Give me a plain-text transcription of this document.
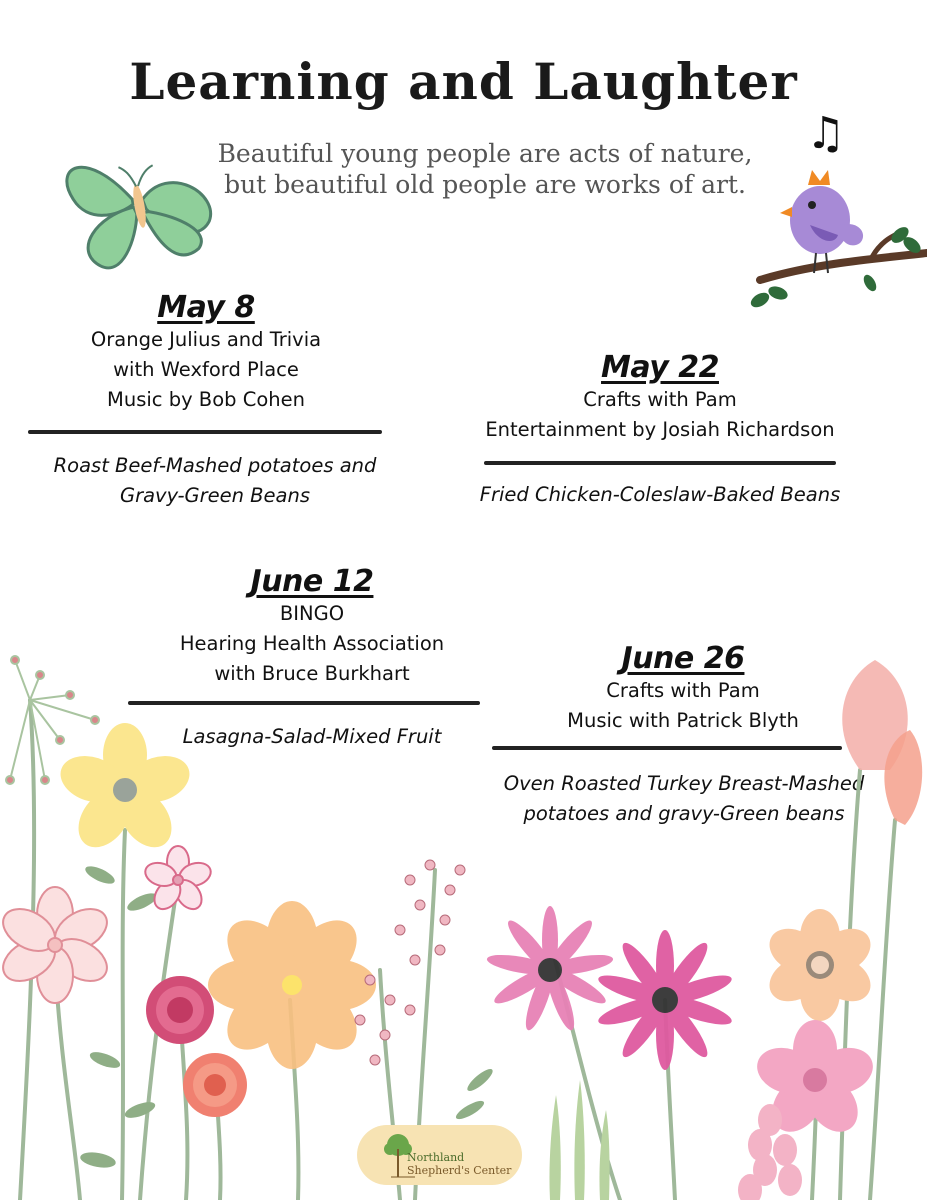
Learning and Laughter
Beautiful young people are acts of nature,
but beautiful old people are works of art.
♫
May 8
Orange Julius and Trivia
with Wexford Place
Music by Bob Cohen
Roast Beef-Mashed potatoes and
Gravy-Green Beans
May 22
Crafts with Pam
Entertainment by Josiah Richardson
Fried Chicken-Coleslaw-Baked Beans
June 12
BINGO
Hearing Health Association
with Bruce Burkhart
Lasagna-Salad-Mixed Fruit
June 26
Crafts with Pam
Music with Patrick Blyth
Oven Roasted Turkey Breast-Mashed
potatoes and gravy-Green beans
Northland
Shepherd's Center
